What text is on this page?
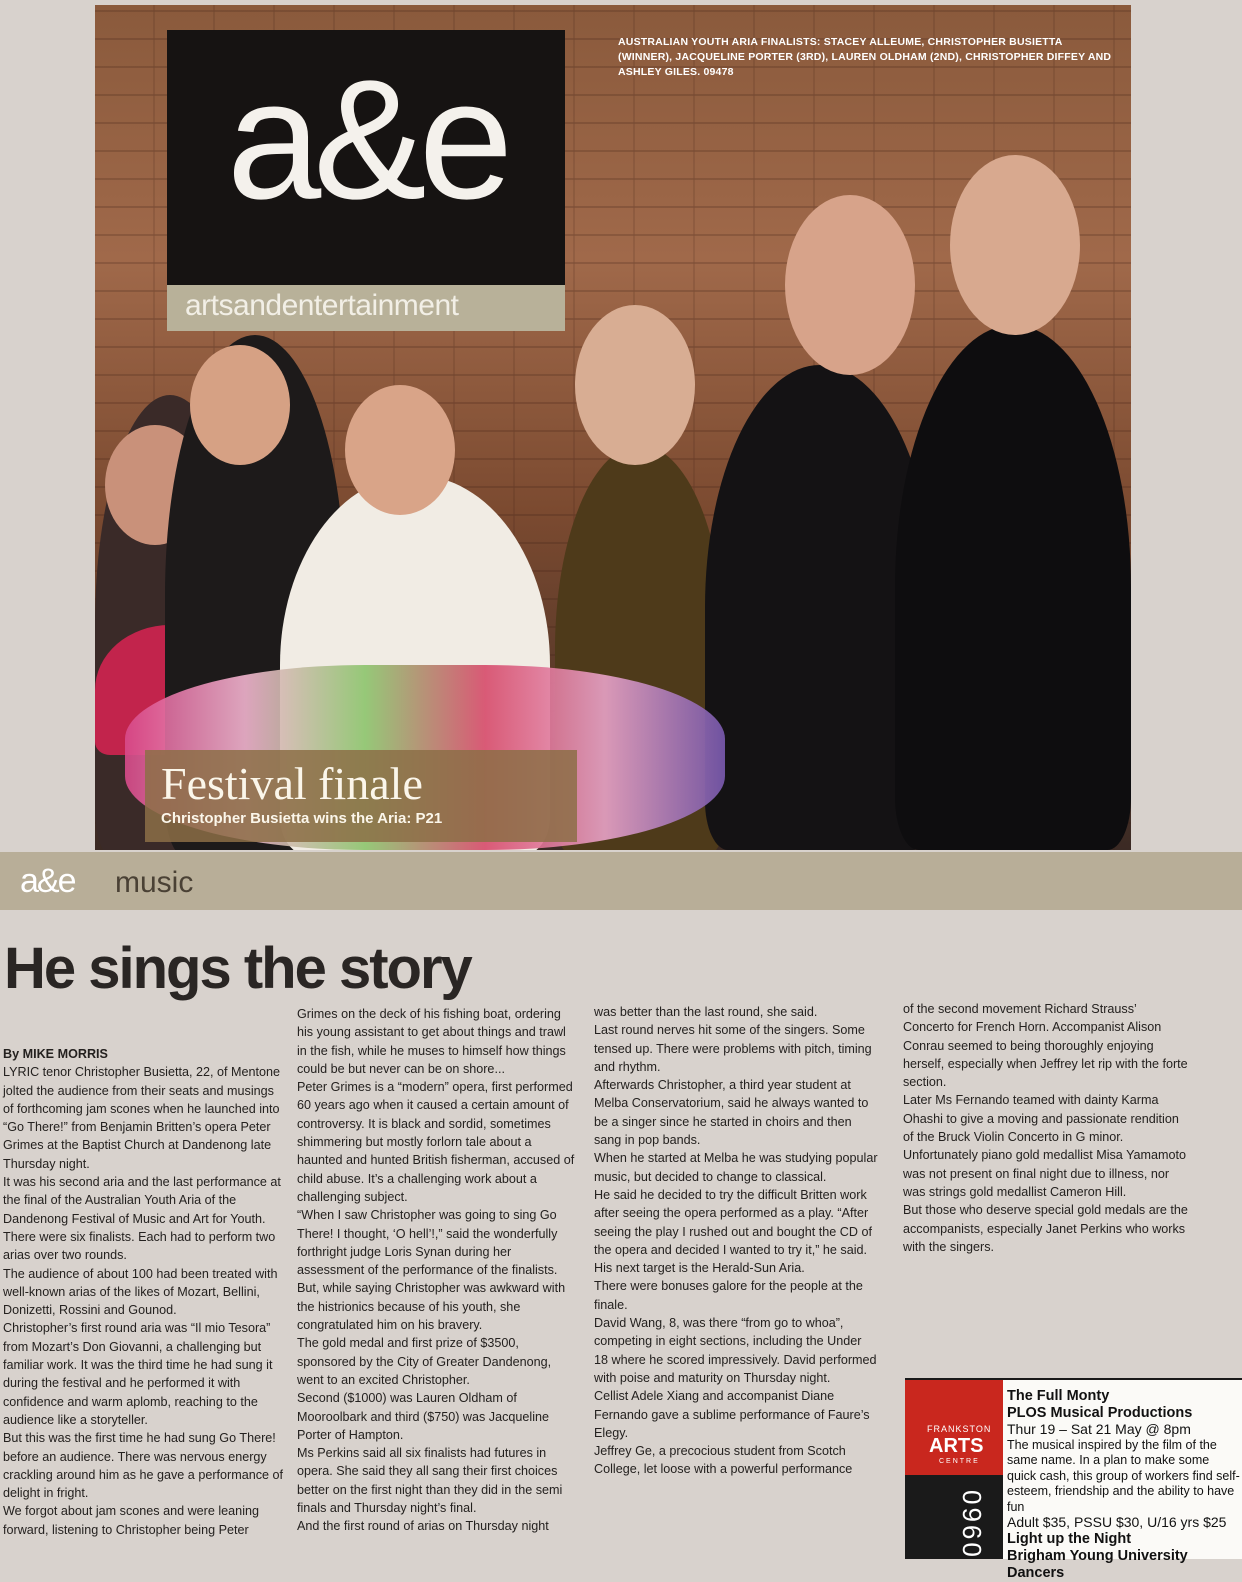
a&e
artsandentertainment
AUSTRALIAN YOUTH ARIA FINALISTS: STACEY ALLEUME, CHRISTOPHER BUSIETTA (WINNER), JACQUELINE PORTER (3RD), LAUREN OLDHAM (2ND), CHRISTOPHER DIFFEY AND ASHLEY GILES. 09478
Festival finale
Christopher Busietta wins the Aria: P21
a&e music
He sings the story

By MIKE MORRIS

LYRIC tenor Christopher Busietta, 22, of Mentone jolted the audience from their seats and musings of forthcoming jam scones when he launched into “Go There!” from Benjamin Britten’s opera Peter Grimes at the Baptist Church at Dandenong late Thursday night.

It was his second aria and the last performance at the final of the Australian Youth Aria of the Dandenong Festival of Music and Art for Youth. There were six finalists. Each had to perform two arias over two rounds.

The audience of about 100 had been treated with well-known arias of the likes of Mozart, Bellini, Donizetti, Rossini and Gounod.

Christopher’s first round aria was “Il mio Tesora” from Mozart’s Don Giovanni, a challenging but familiar work. It was the third time he had sung it during the festival and he performed it with confidence and warm aplomb, reaching to the audience like a storyteller.

But this was the first time he had sung Go There! before an audience. There was nervous energy crackling around him as he gave a performance of delight in fright.

We forgot about jam scones and were leaning forward, listening to Christopher being Peter

Grimes on the deck of his fishing boat, ordering his young assistant to get about things and trawl in the fish, while he muses to himself how things could be but never can be on shore...

Peter Grimes is a “modern” opera, first performed 60 years ago when it caused a certain amount of controversy. It is black and sordid, sometimes shimmering but mostly forlorn tale about a haunted and hunted British fisherman, accused of child abuse. It’s a challenging work about a challenging subject.

“When I saw Christopher was going to sing Go There! I thought, ‘O hell’!,” said the wonderfully forthright judge Loris Synan during her assessment of the performance of the finalists. But, while saying Christopher was awkward with the histrionics because of his youth, she congratulated him on his bravery.

The gold medal and first prize of $3500, sponsored by the City of Greater Dandenong, went to an excited Christopher.

Second ($1000) was Lauren Oldham of Mooroolbark and third ($750) was Jacqueline Porter of Hampton.

Ms Perkins said all six finalists had futures in opera. She said they all sang their first choices better on the first night than they did in the semi finals and Thursday night’s final.

And the first round of arias on Thursday night

was better than the last round, she said.

Last round nerves hit some of the singers. Some tensed up. There were problems with pitch, timing and rhythm.

Afterwards Christopher, a third year student at Melba Conservatorium, said he always wanted to be a singer since he started in choirs and then sang in pop bands.

When he started at Melba he was studying popular music, but decided to change to classical.

He said he decided to try the difficult Britten work after seeing the opera performed as a play. “After seeing the play I rushed out and bought the CD of the opera and decided I wanted to try it,” he said.

His next target is the Herald-Sun Aria.

There were bonuses galore for the people at the finale.

David Wang, 8, was there “from go to whoa”, competing in eight sections, including the Under 18 where he scored impressively. David performed with poise and maturity on Thursday night.

Cellist Adele Xiang and accompanist Diane Fernando gave a sublime performance of Faure’s Elegy.

Jeffrey Ge, a precocious student from Scotch College, let loose with a powerful performance

of the second movement Richard Strauss’ Concerto for French Horn. Accompanist Alison Conrau seemed to being thoroughly enjoying herself, especially when Jeffrey let rip with the forte section.

Later Ms Fernando teamed with dainty Karma Ohashi to give a moving and passionate rendition of the Bruck Violin Concerto in G minor.

Unfortunately piano gold medallist Misa Yamamoto was not present on final night due to illness, nor was strings gold medallist Cameron Hill.

But those who deserve special gold medals are the accompanists, especially Janet Perkins who works with the singers.

FRANKSTON
ARTS
CENTRE
0960
The Full Monty
PLOS Musical Productions
Thur 19 – Sat 21 May @ 8pm
The musical inspired by the film of the same name. In a plan to make some quick cash, this group of workers find self-esteem, friendship and the ability to have fun
Adult $35, PSSU $30, U/16 yrs $25
Light up the Night
Brigham Young University Dancers
